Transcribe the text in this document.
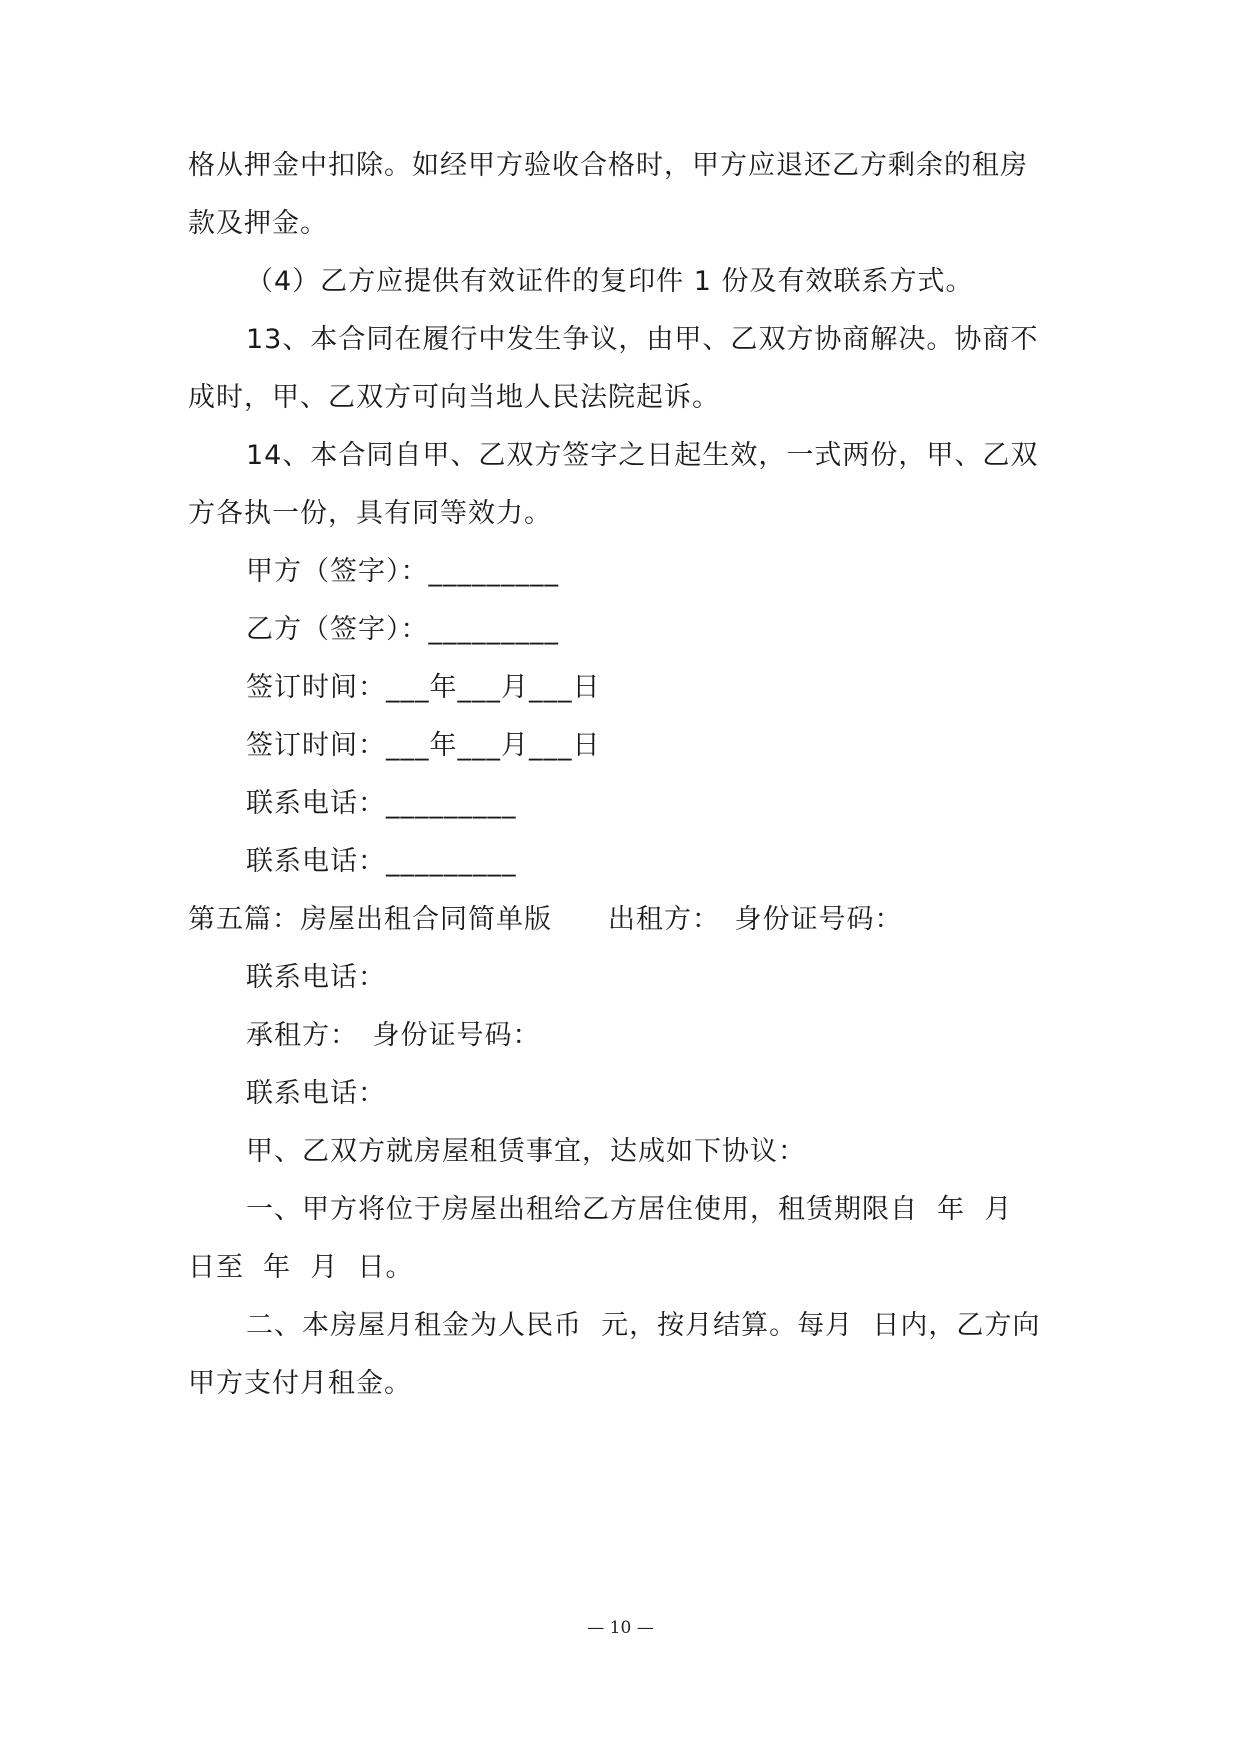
格从押金中扣除。如经甲方验收合格时，甲方应退还乙方剩余的租房
款及押金。
（4）乙方应提供有效证件的复印件 1 份及有效联系方式。
13、本合同在履行中发生争议，由甲、乙双方协商解决。协商不
成时，甲、乙双方可向当地人民法院起诉。
14、本合同自甲、乙双方签字之日起生效，一式两份，甲、乙双
方各执一份，具有同等效力。
甲方（签字）：_________
乙方（签字）：_________
签订时间：___年___月___日
签订时间：___年___月___日
联系电话：_________
联系电话：_________
第五篇：房屋出租合同简单版　　出租方：　身份证号码：
联系电话：
承租方：　身份证号码：
联系电话：
甲、乙双方就房屋租赁事宜，达成如下协议：
一、甲方将位于房屋出租给乙方居住使用，租赁期限自  年  月
日至  年  月  日。
二、本房屋月租金为人民币  元，按月结算。每月  日内，乙方向
甲方支付月租金。
— 10 —
